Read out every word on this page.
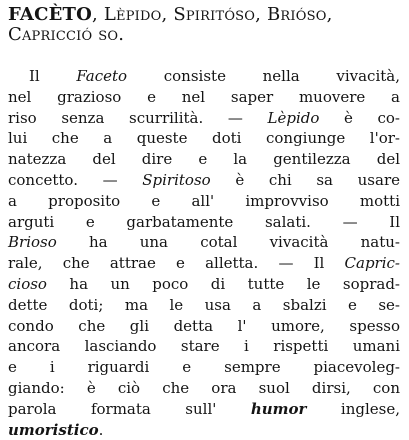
FACÈTO, Lèpido, Spiritóso, Brióso,
Capricció so.
Il Faceto consiste nella vivacità,
nel grazioso e nel saper muovere a
riso senza scurrilità. — Lèpido è co-
lui che a queste doti congiunge l'or-
natezza del dire e la gentilezza del
concetto. — Spiritoso è chi sa usare
a proposito e all' improvviso motti
arguti e garbatamente salati. — Il
Brioso ha una cotal vivacità natu-
rale, che attrae e alletta. — Il Capric-
cioso ha un poco di tutte le soprad-
dette doti; ma le usa a sbalzi e se-
condo che gli detta l' umore, spesso
ancora lasciando stare i rispetti umani
e i riguardi e sempre piacevoleg-
giando: è ciò che ora suol dirsi, con
parola formata sull' humor inglese,
umoristico.
